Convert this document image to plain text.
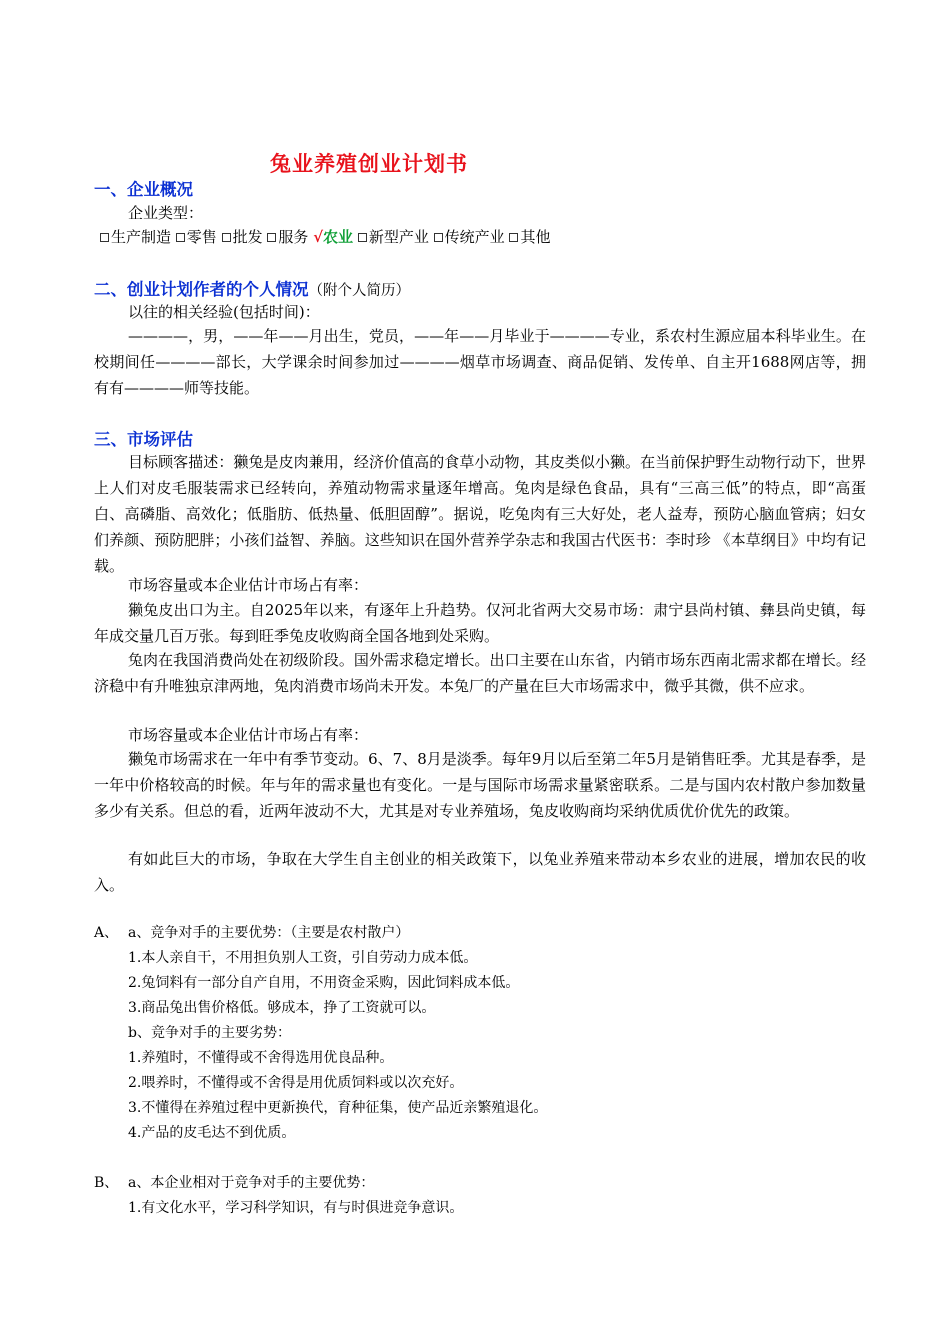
兔业养殖创业计划书
一、企业概况
企业类型：
生产制造 零售 批发 服务 √农业 新型产业 传统产业 其他
二、创业计划作者的个人情况（附个人简历）
以往的相关经验(包括时间)：
————，男，——年——月出生，党员，——年——月毕业于————专业，系农村生源应届本科毕业生。在校期间任————部长，大学课余时间参加过————烟草市场调查、商品促销、发传单、自主开1688网店等，拥有有————师等技能。
三、市场评估
目标顾客描述：獭兔是皮肉兼用，经济价值高的食草小动物，其皮类似小獭。在当前保护野生动物行动下，世界上人们对皮毛服装需求已经转向，养殖动物需求量逐年增高。兔肉是绿色食品，具有“三高三低”的特点，即“高蛋白、高磷脂、高效化；低脂肪、低热量、低胆固醇”。据说，吃兔肉有三大好处，老人益寿，预防心脑血管病；妇女们养颜、预防肥胖；小孩们益智、养脑。这些知识在国外营养学杂志和我国古代医书：李时珍 《本草纲目》中均有记载。
市场容量或本企业估计市场占有率：
獭兔皮出口为主。自2025年以来，有逐年上升趋势。仅河北省两大交易市场：肃宁县尚村镇、彝县尚史镇，每年成交量几百万张。每到旺季兔皮收购商全国各地到处采购。
兔肉在我国消费尚处在初级阶段。国外需求稳定增长。出口主要在山东省，内销市场东西南北需求都在增长。经济稳中有升唯独京津两地，兔肉消费市场尚未开发。本兔厂的产量在巨大市场需求中，微乎其微，供不应求。
市场容量或本企业估计市场占有率：
獭兔市场需求在一年中有季节变动。6、7、8月是淡季。每年9月以后至第二年5月是销售旺季。尤其是春季，是一年中价格较高的时候。年与年的需求量也有变化。一是与国际市场需求量紧密联系。二是与国内农村散户参加数量多少有关系。但总的看，近两年波动不大，尤其是对专业养殖场，兔皮收购商均采纳优质优价优先的政策。
有如此巨大的市场，争取在大学生自主创业的相关政策下，以兔业养殖来带动本乡农业的进展，增加农民的收入。
A、 a、竞争对手的主要优势：（主要是农村散户）
1.本人亲自干，不用担负别人工资，引自劳动力成本低。
2.兔饲料有一部分自产自用，不用资金采购，因此饲料成本低。
3.商品兔出售价格低。够成本，挣了工资就可以。
b、竞争对手的主要劣势：
1.养殖时，不懂得或不舍得选用优良品种。
2.喂养时，不懂得或不舍得是用优质饲料或以次充好。
3.不懂得在养殖过程中更新换代，育种征集，使产品近亲繁殖退化。
4.产品的皮毛达不到优质。
B、 a、本企业相对于竞争对手的主要优势：
1.有文化水平，学习科学知识，有与时俱进竞争意识。
